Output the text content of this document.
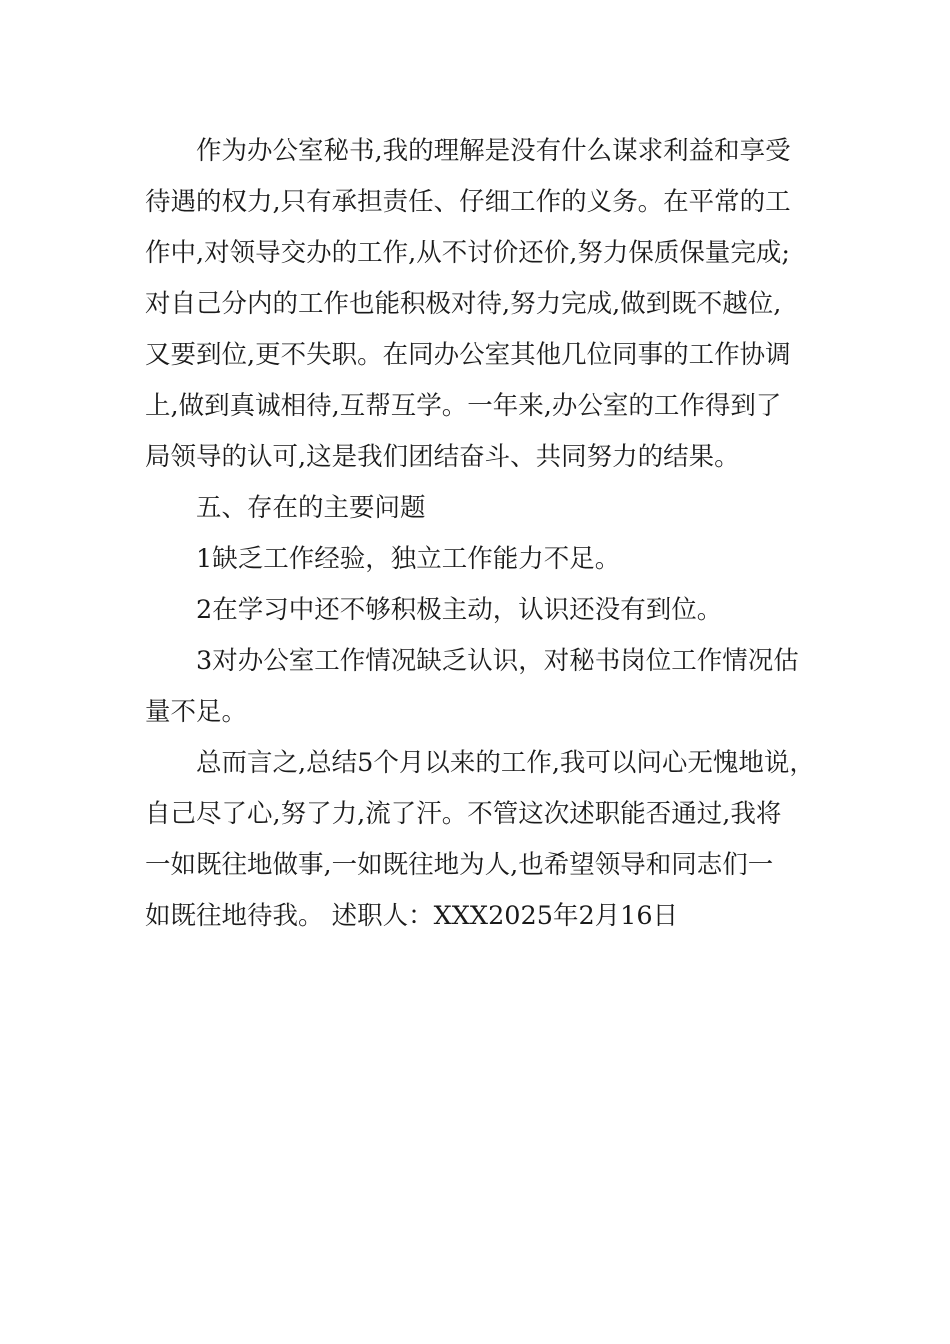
作为办公室秘书,我的理解是没有什么谋求利益和享受
待遇的权力,只有承担责任、仔细工作的义务。在平常的工
作中,对领导交办的工作,从不讨价还价,努力保质保量完成;
对自己分内的工作也能积极对待,努力完成,做到既不越位,
又要到位,更不失职。在同办公室其他几位同事的工作协调
上,做到真诚相待,互帮互学。一年来,办公室的工作得到了
局领导的认可,这是我们团结奋斗、共同努力的结果。
五、存在的主要问题
1缺乏工作经验，独立工作能力不足。
2在学习中还不够积极主动，认识还没有到位。
3对办公室工作情况缺乏认识，对秘书岗位工作情况估
量不足。
总而言之,总结5个月以来的工作,我可以问心无愧地说，
自己尽了心,努了力,流了汗。不管这次述职能否通过,我将
一如既往地做事,一如既往地为人,也希望领导和同志们一
如既往地待我。 述职人：XXX2025年2月16日
